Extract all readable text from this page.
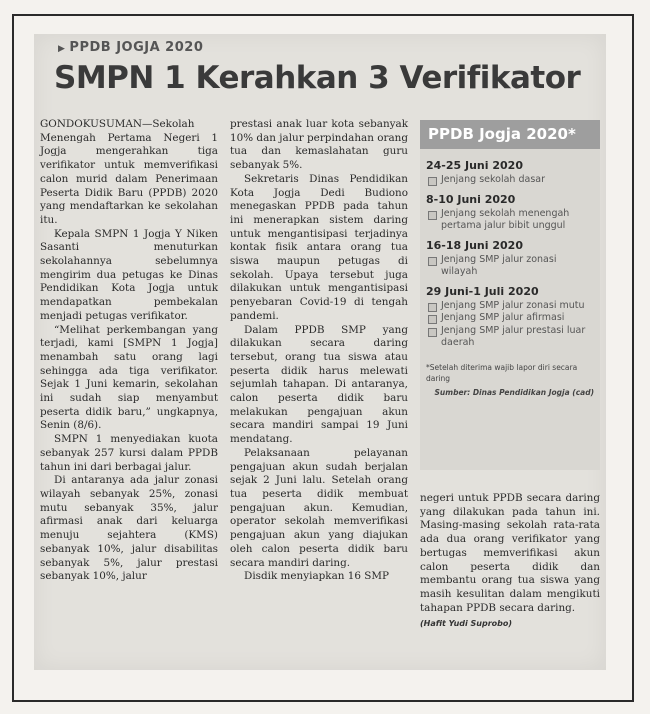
▶ PPDB JOGJA 2020
SMPN 1 Kerahkan 3 Verifikator

GONDOKUSUMAN—Sekolah Menengah Pertama Negeri 1 Jogja mengerahkan tiga verifikator untuk memverifikasi calon murid dalam Penerimaan Peserta Didik Baru (PPDB) 2020 yang mendaftarkan ke sekolahan itu.

Kepala SMPN 1 Jogja Y Niken Sasanti menuturkan sekolahannya sebelumnya mengirim dua petugas ke Dinas Pendidikan Kota Jogja untuk mendapatkan pembekalan menjadi petugas verifikator.

“Melihat perkembangan yang terjadi, kami [SMPN 1 Jogja] menambah satu orang lagi sehingga ada tiga verifikator. Sejak 1 Juni kemarin, sekolahan ini sudah siap menyambut peserta didik baru,” ungkapnya, Senin (8/6).

SMPN 1 menyediakan kuota sebanyak 257 kursi dalam PPDB tahun ini dari berbagai jalur.

Di antaranya ada jalur zonasi wilayah sebanyak 25%, zonasi mutu sebanyak 35%, jalur afirmasi anak dari keluarga menuju sejahtera (KMS) sebanyak 10%, jalur disabilitas sebanyak 5%, jalur prestasi sebanyak 10%, jalur

prestasi anak luar kota sebanyak 10% dan jalur perpindahan orang tua dan kemaslahatan guru sebanyak 5%.

Sekretaris Dinas Pendidikan Kota Jogja Dedi Budiono menegaskan PPDB pada tahun ini menerapkan sistem daring untuk mengantisipasi terjadinya kontak fisik antara orang tua siswa maupun petugas di sekolah. Upaya tersebut juga dilakukan untuk mengantisipasi penyebaran Covid-19 di tengah pandemi.

Dalam PPDB SMP yang dilakukan secara daring tersebut, orang tua siswa atau peserta didik harus melewati sejumlah tahapan. Di antaranya, calon peserta didik baru melakukan pengajuan akun secara mandiri sampai 19 Juni mendatang.

Pelaksanaan pelayanan pengajuan akun sudah berjalan sejak 2 Juni lalu. Setelah orang tua peserta didik membuat pengajuan akun. Kemudian, operator sekolah memverifikasi pengajuan akun yang diajukan oleh calon peserta didik baru secara mandiri daring.

Disdik menyiapkan 16 SMP

PPDB Jogja 2020*
24-25 Juni 2020
Jenjang sekolah dasar
8-10 Juni 2020
Jenjang sekolah menengah pertama jalur bibit unggul
16-18 Juni 2020
Jenjang SMP jalur zonasi wilayah
29 Juni-1 Juli 2020
Jenjang SMP jalur zonasi mutu
Jenjang SMP jalur afirmasi
Jenjang SMP jalur prestasi luar daerah
*Setelah diterima wajib lapor diri secara daring
Sumber: Dinas Pendidikan Jogja (cad)

negeri untuk PPDB secara daring yang dilakukan pada tahun ini. Masing-masing sekolah rata-rata ada dua orang verifikator yang bertugas memverifikasi akun calon peserta didik dan membantu orang tua siswa yang masih kesulitan dalam mengikuti tahapan PPDB secara daring.

(Hafit Yudi Suprobo)
